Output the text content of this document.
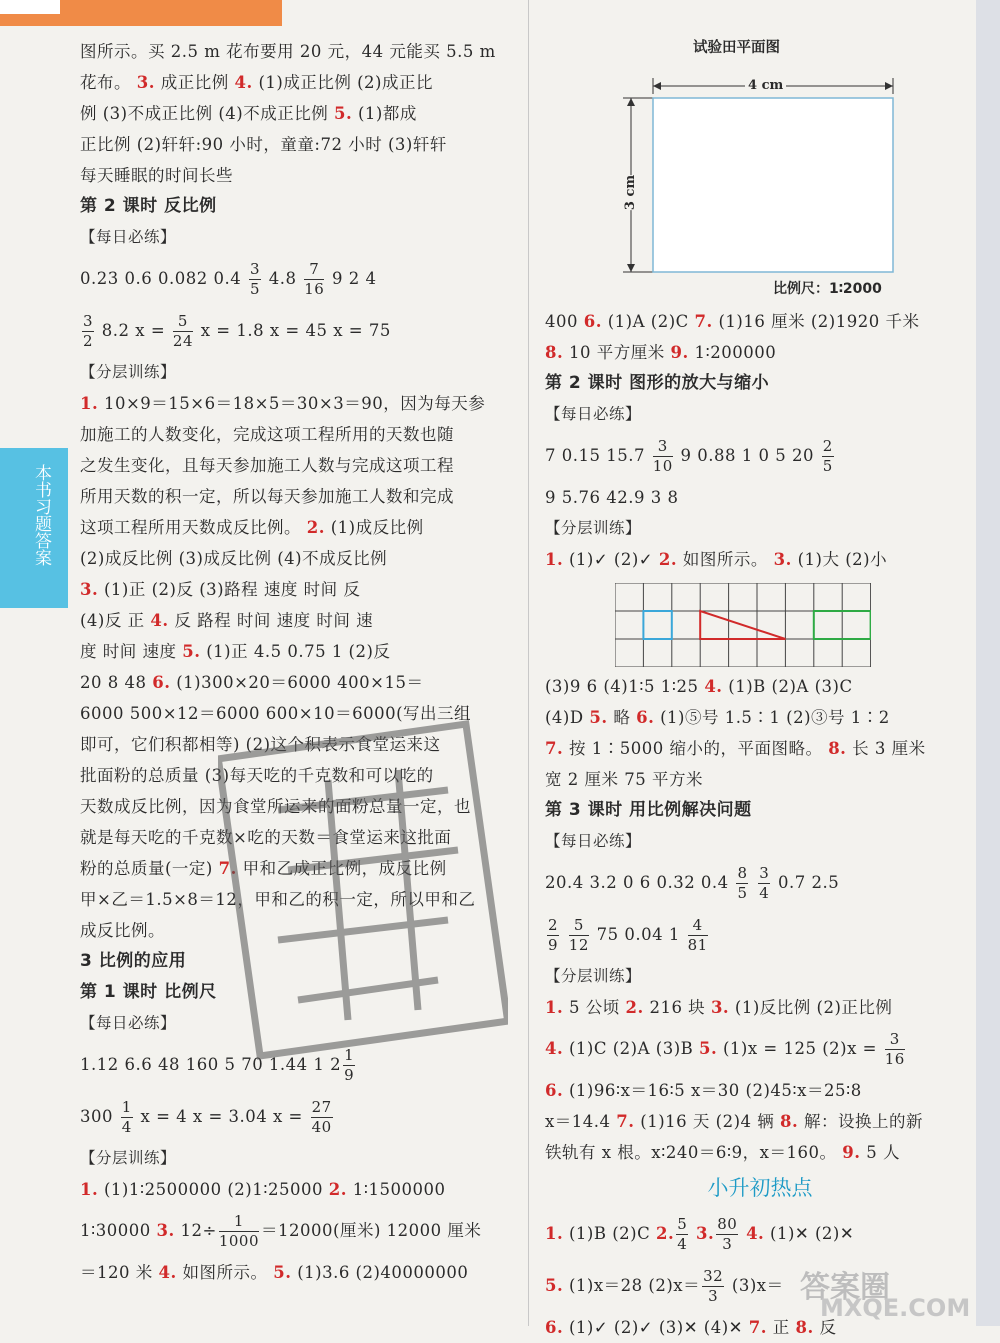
本书习题答案
图所示。买 2.5 m 花布要用 20 元，44 元能买 5.5 m
花布。 3. 成正比例 4. (1)成正比例 (2)成正比
例 (3)不成正比例 (4)不成正比例 5. (1)都成
正比例 (2)轩轩:90 小时，童童:72 小时 (3)轩轩
每天睡眠的时间长些
第 2 课时 反比例
【每日必练】
0.23 0.6 0.082 $0.4 \frac{3}{5} 4.8 \frac{7}{16} 9$ 2 4
$\frac{3}{2} 8.2$ $x = \frac{5}{24}$ x = 1.8 x = 45 x = 75
【分层训练】
1. 10×9＝15×6＝18×5＝30×3＝90，因为每天参
加施工的人数变化，完成这项工程所用的天数也随
之发生变化，且每天参加施工人数与完成这项工程
所用天数的积一定，所以每天参加施工人数和完成
这项工程所用天数成反比例。 2. (1)成反比例
(2)成反比例 (3)成反比例 (4)不成反比例
3. (1)正 (2)反 (3)路程 速度 时间 反
(4)反 正 4. 反 路程 时间 速度 时间 速
度 时间 速度 5. (1)正 4.5 0.75 1 (2)反
20 8 48 6. (1)300×20＝6000 400×15＝
6000 500×12＝6000 600×10＝6000(写出三组
即可，它们积都相等) (2)这个积表示食堂运来这
批面粉的总质量 (3)每天吃的千克数和可以吃的
天数成反比例，因为食堂所运来的面粉总量一定，也
就是每天吃的千克数×吃的天数＝食堂运来这批面
粉的总质量(一定) 7. 甲和乙成正比例，成反比例
甲×乙＝1.5×8＝12，甲和乙的积一定，所以甲和乙
成反比例。
3 比例的应用
第 1 课时 比例尺
【每日必练】
1.12 6.6 48 160 5 70 1.44 1 $2 \frac{1}{9}$
$300 \frac{1}{4}$ x = 4 x = 3.04 $x = \frac{27}{40}$
【分层训练】
1. (1)1∶2500000 (2)1∶25000 2. 1∶1500000
1∶30000 3. $12\div \frac{1}{1000} =12000$(厘米) 12000 厘米
＝120 米 4. 如图所示。 5. (1)3.6 (2)40000000
试验田平面图
4 cm
3 cm
比例尺：1∶2000
400 6. (1)A (2)C 7. (1)16 厘米 (2)1920 千米
8. 10 平方厘米 9. 1∶200000
第 2 课时 图形的放大与缩小
【每日必练】
7 0.15 $15.7 \frac{3}{10} 9$ 0.88 1 0 5 $20 \frac{2}{5}$
9 5.76 42.9 3 8
【分层训练】
1. (1)✓ (2)✓ 2. 如图所示。 3. (1)大 (2)小
(3)9 6 (4)1∶5 1∶25 4. (1)B (2)A (3)C
(4)D 5. 略 6. (1)⑤号 1.5∶1 (2)③号 1∶2
7. 按 1∶5000 缩小的，平面图略。 8. 长 3 厘米
宽 2 厘米 75 平方米
第 3 课时 用比例解决问题
【每日必练】
20.4 3.2 0 6 0.32 $0.4 \frac{8}{5}$
$\frac{3}{4} 0.7$ 2.5
$\frac{2}{9}$
$\frac{5}{12} 75$ 0.04 $1 \frac{4}{81}$
【分层训练】
1. 5 公顷 2. 216 块 3. (1)反比例 (2)正比例
4. (1)C (2)A (3)B 5. (1)x = 125 $(2)x = \frac{3}{16}$
6. (1)96∶x＝16∶5 x＝30 (2)45∶x＝25∶8
x＝14.4 7. (1)16 天 (2)4 辆 8. 解：设换上的新
铁轨有 x 根。x∶240＝6∶9，x＝160。 9. 5 人
小升初热点
1. (1)B (2)C 2. $\frac{5}{4} 3$. $\frac{80}{3} 4$. (1)✕ (2)✕
5. (1)x＝28 $(2)x= \frac{32}{3} (3)x=$
6. (1)✓ (2)✓ (3)✕ (4)✕ 7. 正 8. 反
答案圈
MXQE.COM
